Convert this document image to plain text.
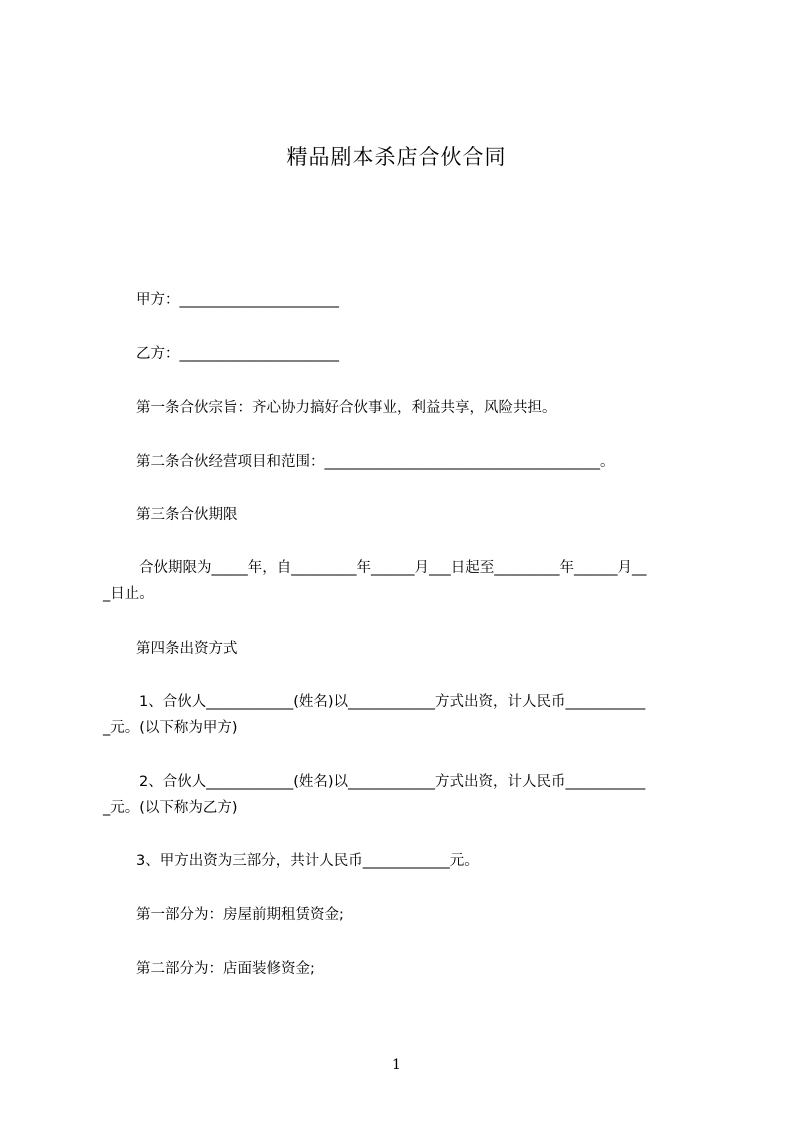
精品剧本杀店合伙合同

甲方：______________________

乙方：______________________

第一条合伙宗旨：齐心协力搞好合伙事业，利益共享，风险共担。

第二条合伙经营项目和范围：______________________________________。

第三条合伙期限

合伙期限为_____年，自_________年______月___日起至_________年______月__

_日止。

第四条出资方式

1、合伙人____________(姓名)以____________方式出资，计人民币___________

_元。(以下称为甲方)

2、合伙人____________(姓名)以____________方式出资，计人民币___________

_元。(以下称为乙方)

3、甲方出资为三部分，共计人民币____________元。

第一部分为：房屋前期租赁资金;

第二部分为：店面装修资金;

1
